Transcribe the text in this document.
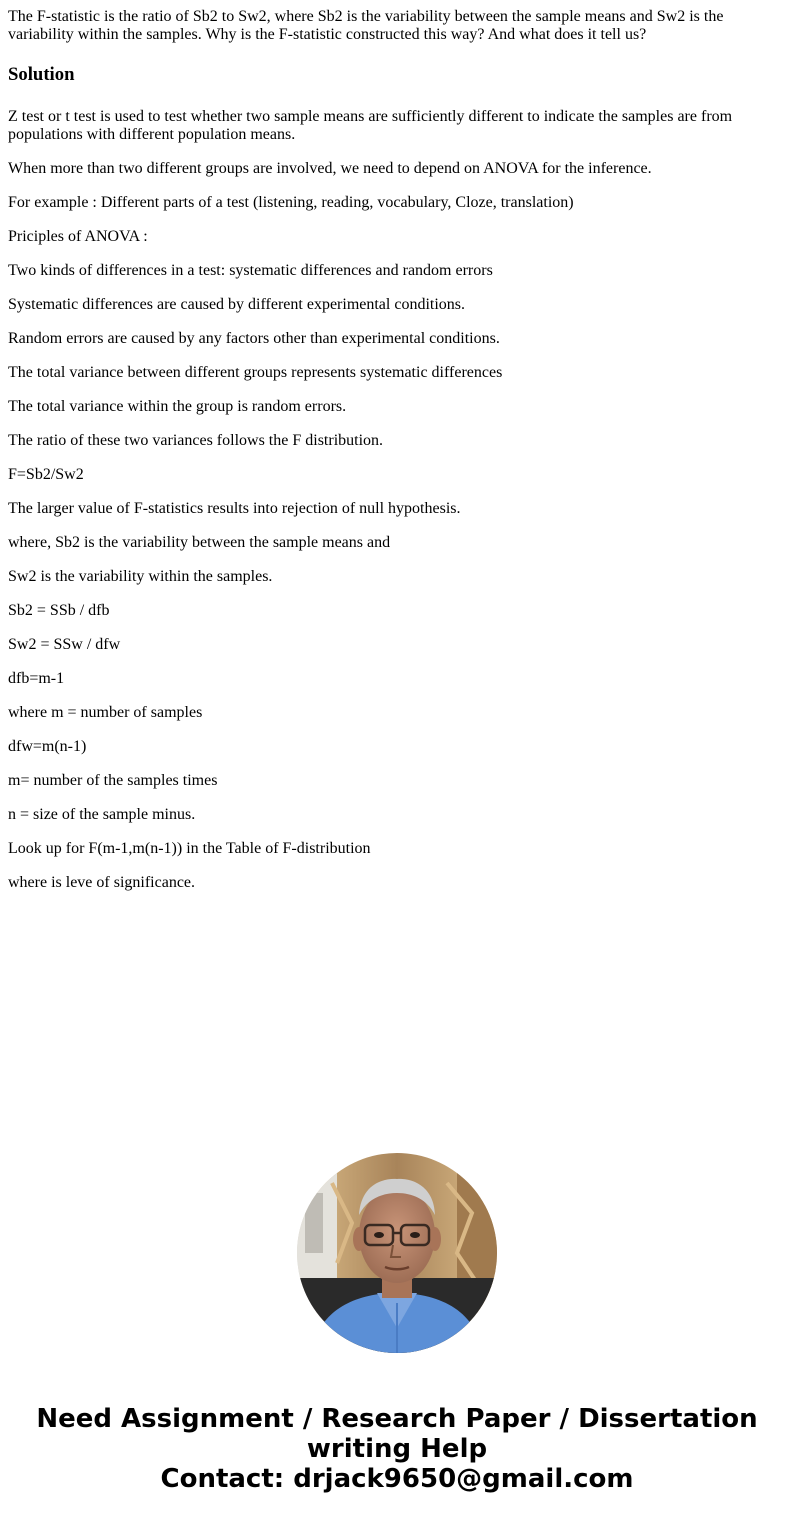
The F-statistic is the ratio of Sb2 to Sw2, where Sb2 is the variability between the sample means and Sw2 is the variability within the samples. Why is the F-statistic constructed this way? And what does it tell us?

Solution

Z test or t test is used to test whether two sample means are sufficiently different to indicate the samples are from populations with different population means.

When more than two different groups are involved, we need to depend on ANOVA for the inference.

For example : Different parts of a test (listening, reading, vocabulary, Cloze, translation)

Priciples of ANOVA :

Two kinds of differences in a test: systematic differences and random errors

Systematic differences are caused by different experimental conditions.

Random errors are caused by any factors other than experimental conditions.

The total variance between different groups represents systematic differences

The total variance within the group is random errors.

The ratio of these two variances follows the F distribution.

F=Sb2/Sw2

The larger value of F-statistics results into rejection of null hypothesis.

where, Sb2 is the variability between the sample means and

Sw2 is the variability within the samples.

Sb2 = SSb / dfb

Sw2 = SSw / dfw

dfb=m-1

where m = number of samples

dfw=m(n-1)

m= number of the samples times

n = size of the sample minus.

Look up for F(m-1,m(n-1)) in the Table of F-distribution

where is leve of significance.

Need Assignment / Research Paper / Dissertation
writing Help
Contact: drjack9650@gmail.com
